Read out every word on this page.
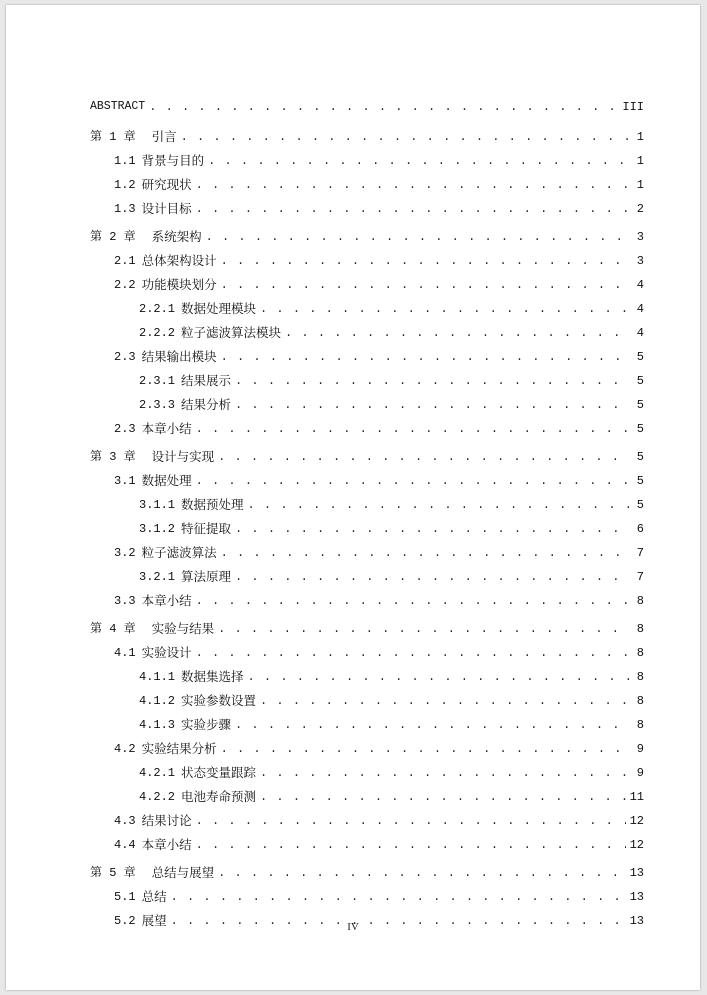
ABSTRACT . . .	III
第 1 章 引言 . . .	1
1.1 背景与目的 . . .	1
1.2 研究现状 . . .	1
1.3 设计目标 . . .	2
第 2 章 系统架构 . . .	3
2.1 总体架构设计 . . .	3
2.2 功能模块划分 . . .	4
2.2.1 数据处理模块 . . .	4
2.2.2 粒子滤波算法模块 . . .	4
2.3 结果输出模块 . . .	5
2.3.1 结果展示 . . .	5
2.3.3 结果分析 . . .	5
2.3 本章小结 . . .	5
第 3 章 设计与实现 . . .	5
3.1 数据处理 . . .	5
3.1.1 数据预处理 . . .	5
3.1.2 特征提取 . . .	6
3.2 粒子滤波算法 . . .	7
3.2.1 算法原理 . . .	7
3.3 本章小结 . . .	8
第 4 章 实验与结果 . . .	8
4.1 实验设计 . . .	8
4.1.1 数据集选择 . . .	8
4.1.2 实验参数设置 . . .	8
4.1.3 实验步骤 . . .	8
4.2 实验结果分析 . . .	9
4.2.1 状态变量跟踪 . . .	9
4.2.2 电池寿命预测 . . .	11
4.3 结果讨论 . . .	12
4.4 本章小结 . . .	12
第 5 章 总结与展望 . . .	13
5.1 总结 . . .	13
5.2 展望 . . .	13
IV
